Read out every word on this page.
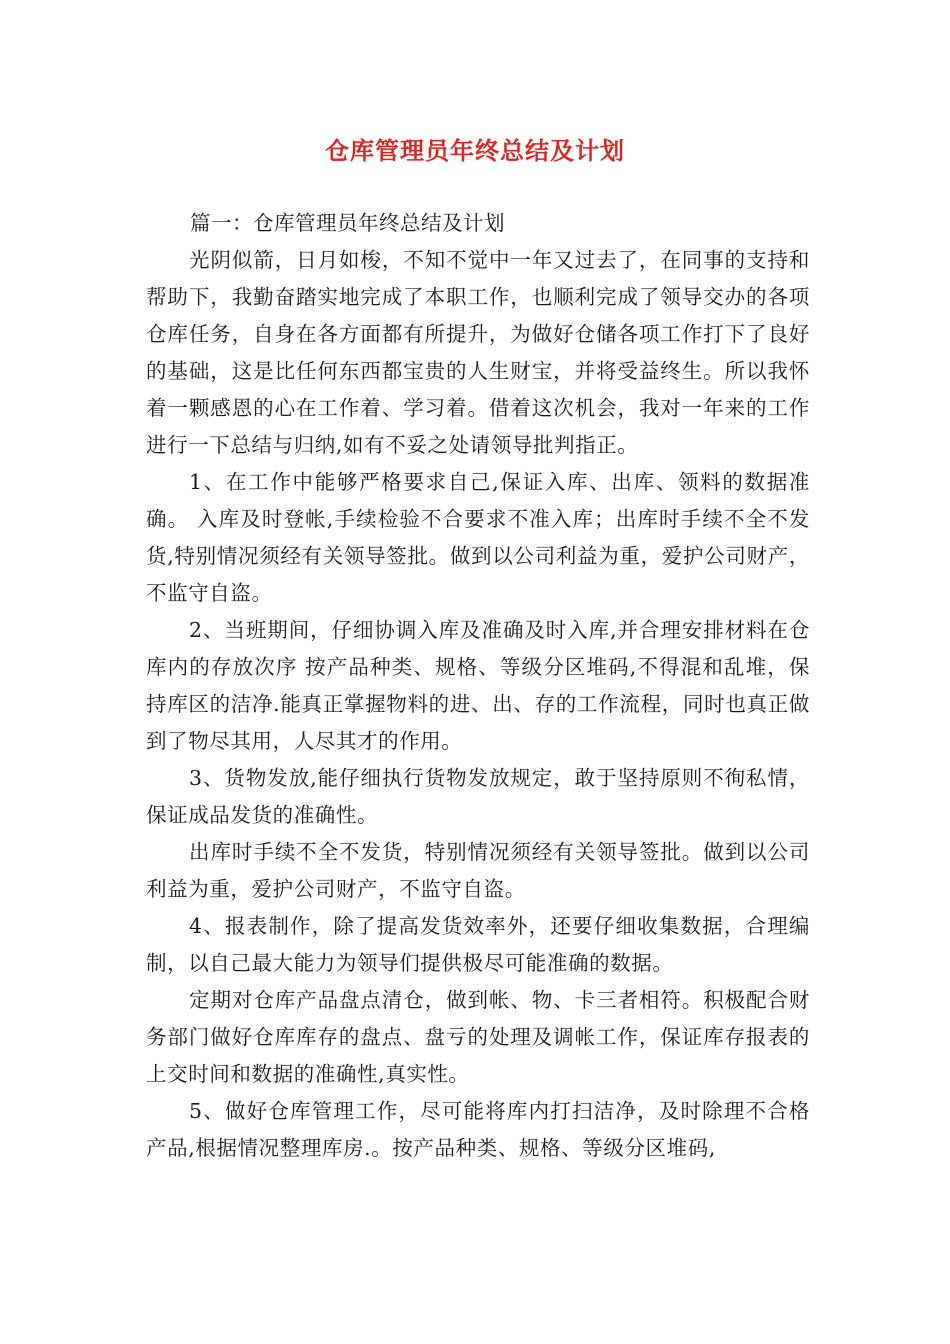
仓库管理员年终总结及计划

篇一：仓库管理员年终总结及计划

光阴似箭，日月如梭，不知不觉中一年又过去了，在同事的支持和帮助下，我勤奋踏实地完成了本职工作，也顺利完成了领导交办的各项仓库任务，自身在各方面都有所提升，为做好仓储各项工作打下了良好的基础，这是比任何东西都宝贵的人生财宝，并将受益终生。所以我怀着一颗感恩的心在工作着、学习着。借着这次机会，我对一年来的工作进行一下总结与归纳,如有不妥之处请领导批判指正。

1、在工作中能够严格要求自己,保证入库、出库、领料的数据准确。 入库及时登帐,手续检验不合要求不准入库；出库时手续不全不发货,特别情况须经有关领导签批。做到以公司利益为重，爱护公司财产，不监守自盗。

2、当班期间，仔细协调入库及准确及时入库,并合理安排材料在仓库内的存放次序 按产品种类、规格、等级分区堆码,不得混和乱堆，保持库区的洁净.能真正掌握物料的进、出、存的工作流程，同时也真正做到了物尽其用，人尽其才的作用。

3、货物发放,能仔细执行货物发放规定，敢于坚持原则不徇私情，保证成品发货的准确性。

出库时手续不全不发货，特别情况须经有关领导签批。做到以公司利益为重，爱护公司财产，不监守自盗。

4、报表制作，除了提高发货效率外，还要仔细收集数据，合理编制，以自己最大能力为领导们提供极尽可能准确的数据。

定期对仓库产品盘点清仓，做到帐、物、卡三者相符。积极配合财务部门做好仓库库存的盘点、盘亏的处理及调帐工作，保证库存报表的上交时间和数据的准确性,真实性。

5、做好仓库管理工作，尽可能将库内打扫洁净，及时除理不合格产品,根据情况整理库房.。按产品种类、规格、等级分区堆码,
